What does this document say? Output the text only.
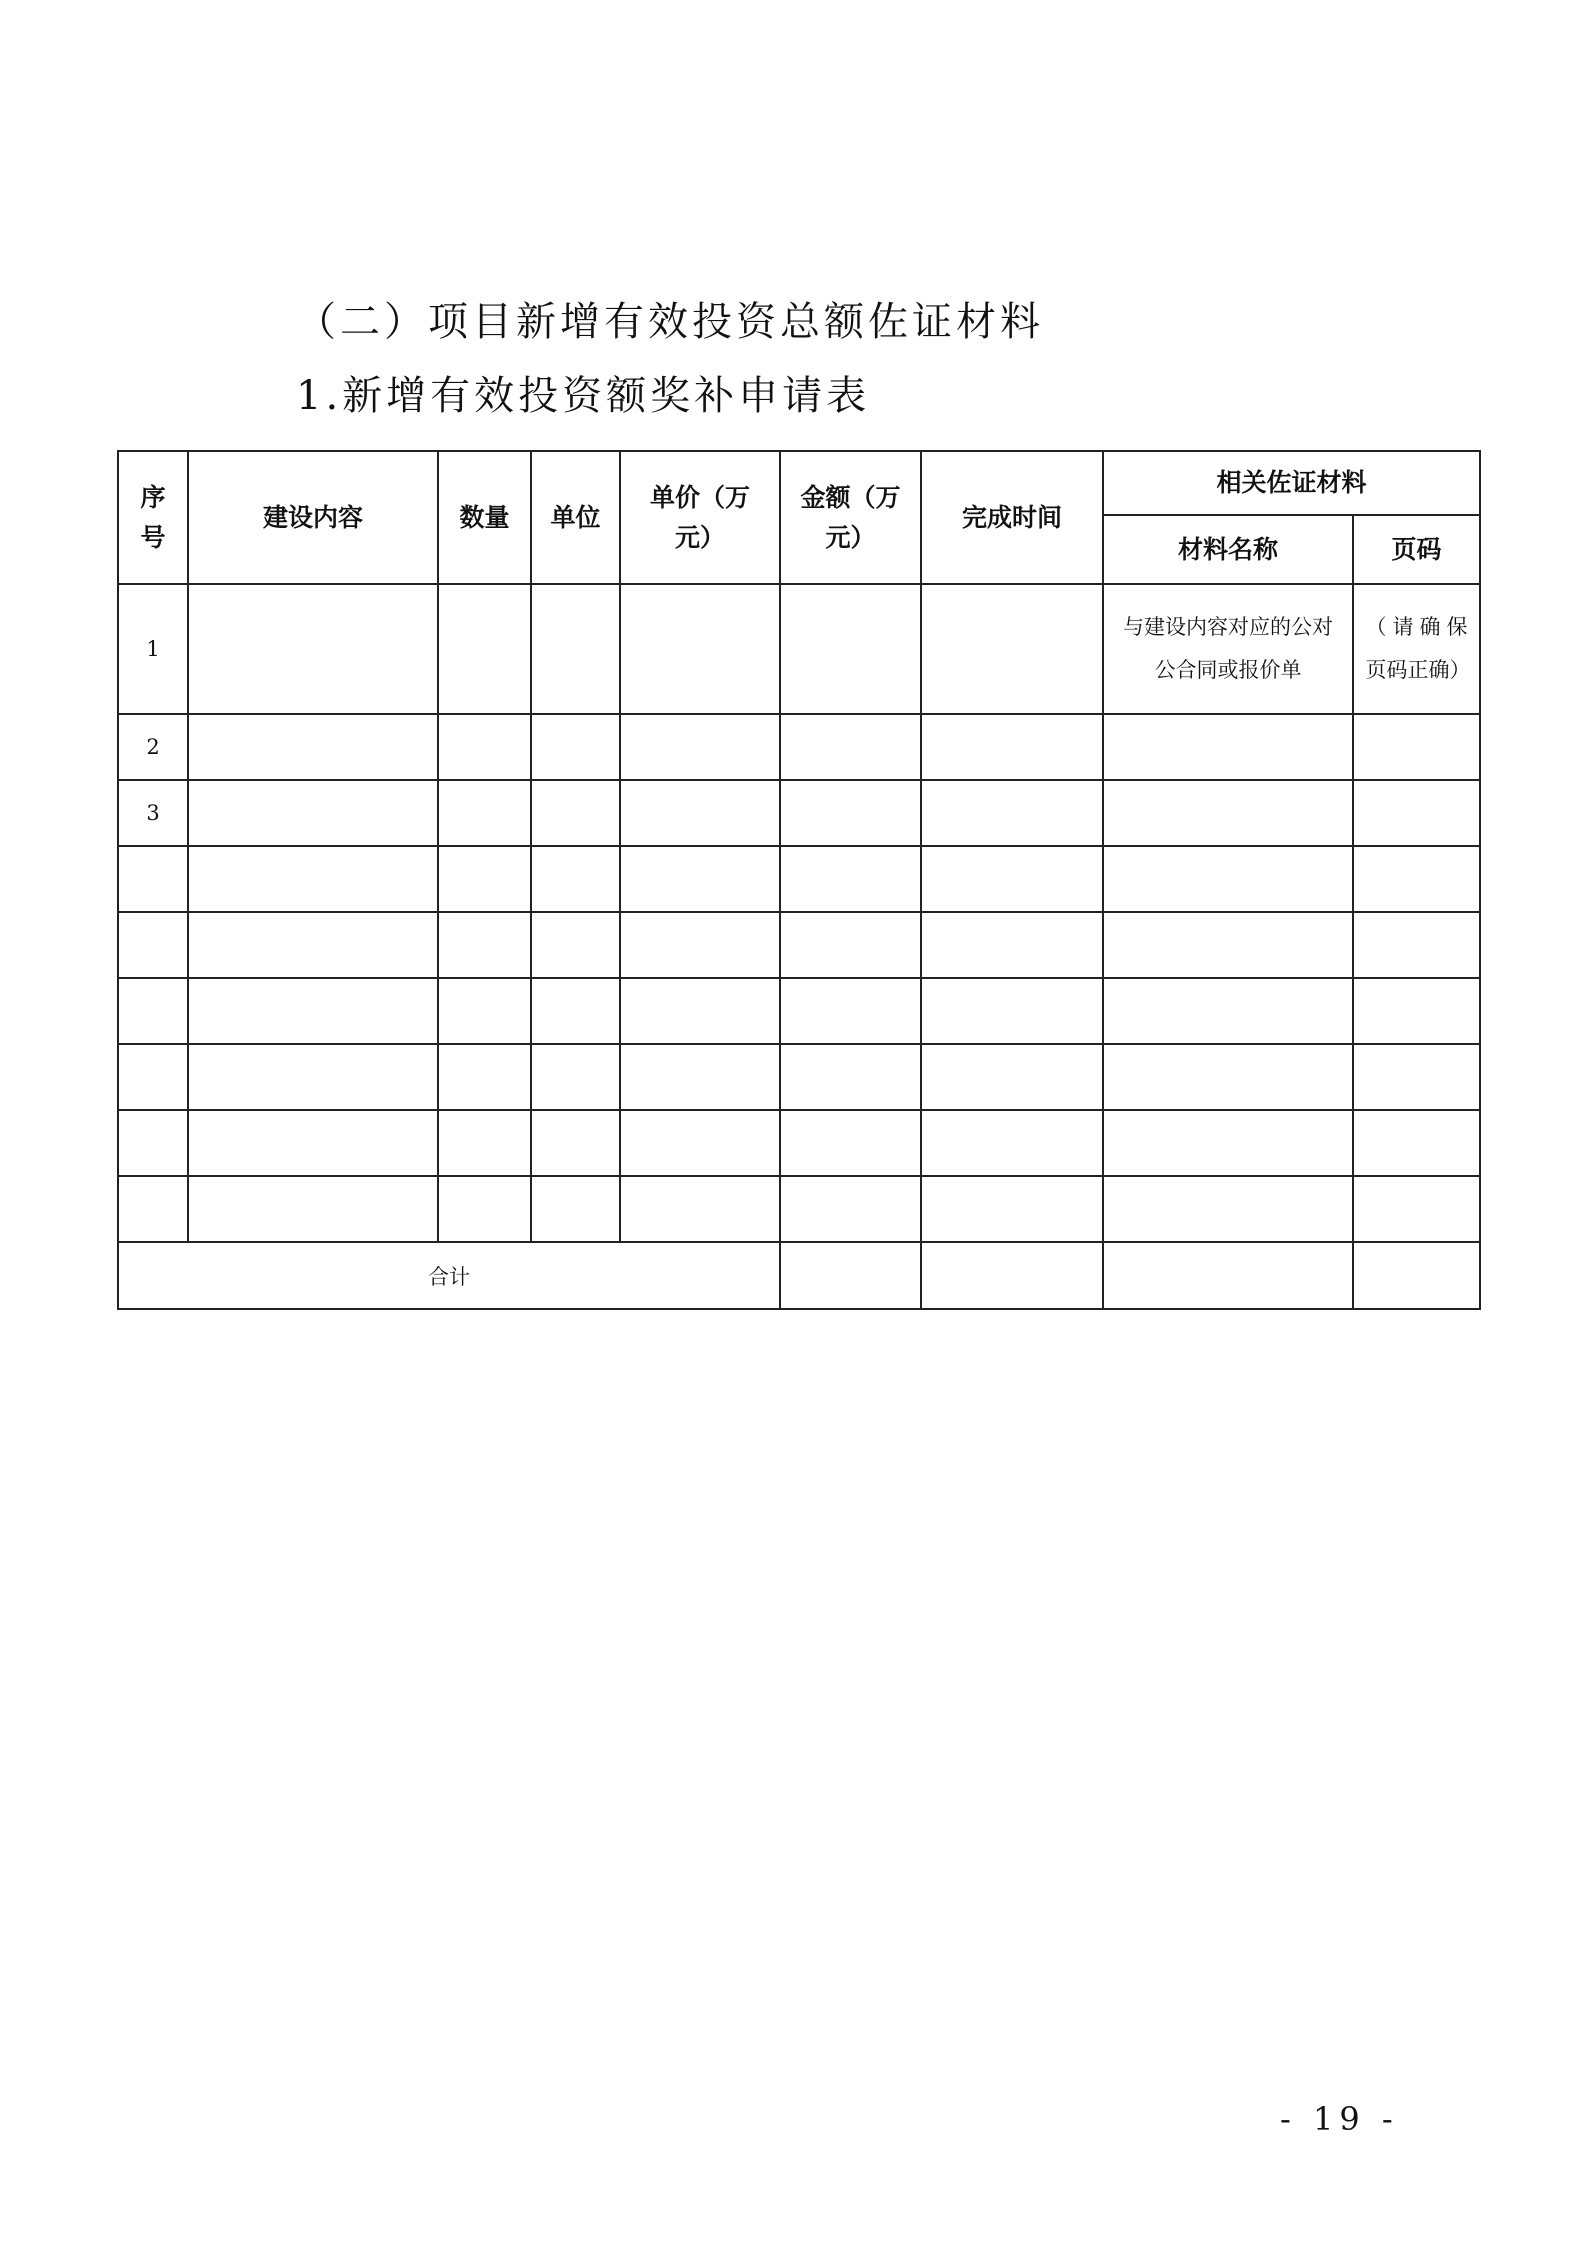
（二）项目新增有效投资总额佐证材料
1.新增有效投资额奖补申请表
序号	建设内容	数量	单位	单价（万元）	金额（万元）	完成时间	相关佐证材料	
							材料名称	页码
1							与建设内容对应的公对公合同或报价单	（请确保页码正确）
2								
3								

合计								
- 19 -
